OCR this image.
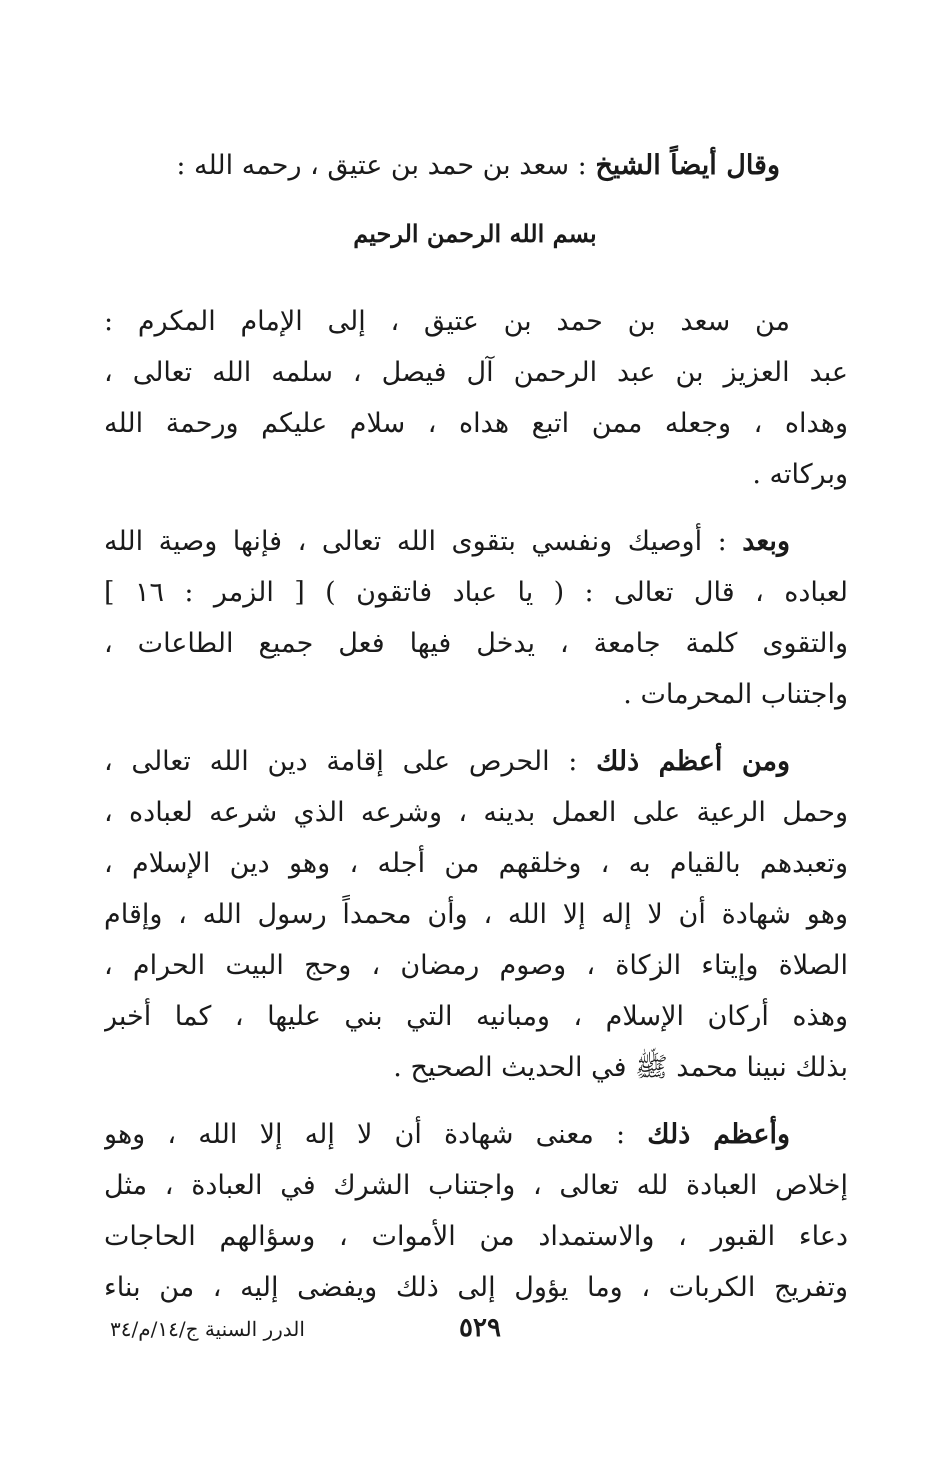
وقال أيضاً الشيخ : سعد بن حمد بن عتيق ، رحمه الله :
بسم الله الرحمن الرحيم
من سعد بن حمد بن عتيق ، إلى الإمام المكرم :
عبد العزيز بن عبد الرحمن آل فيصل ، سلمه الله تعالى ،
وهداه ، وجعله ممن اتبع هداه ، سلام عليكم ورحمة الله
وبركاته .
وبعد : أوصيك ونفسي بتقوى الله تعالى ، فإنها وصية الله
لعباده ، قال تعالى : ( يا عباد فاتقون ) [ الزمر : ١٦ ]
والتقوى كلمة جامعة ، يدخل فيها فعل جميع الطاعات ،
واجتناب المحرمات .
ومن أعظم ذلك : الحرص على إقامة دين الله تعالى ،
وحمل الرعية على العمل بدينه ، وشرعه الذي شرعه لعباده ،
وتعبدهم بالقيام به ، وخلقهم من أجله ، وهو دين الإسلام ،
وهو شهادة أن لا إله إلا الله ، وأن محمداً رسول الله ، وإقام
الصلاة وإيتاء الزكاة ، وصوم رمضان ، وحج البيت الحرام ،
وهذه أركان الإسلام ، ومبانيه التي بني عليها ، كما أخبر
بذلك نبينا محمد ﷺ في الحديث الصحيح .
وأعظم ذلك : معنى شهادة أن لا إله إلا الله ، وهو
إخلاص العبادة لله تعالى ، واجتناب الشرك في العبادة ، مثل
دعاء القبور ، والاستمداد من الأموات ، وسؤالهم الحاجات
وتفريج الكربات ، وما يؤول إلى ذلك ويفضى إليه ، من بناء
٥٢٩
الدرر السنية ج/١٤/م/٣٤
